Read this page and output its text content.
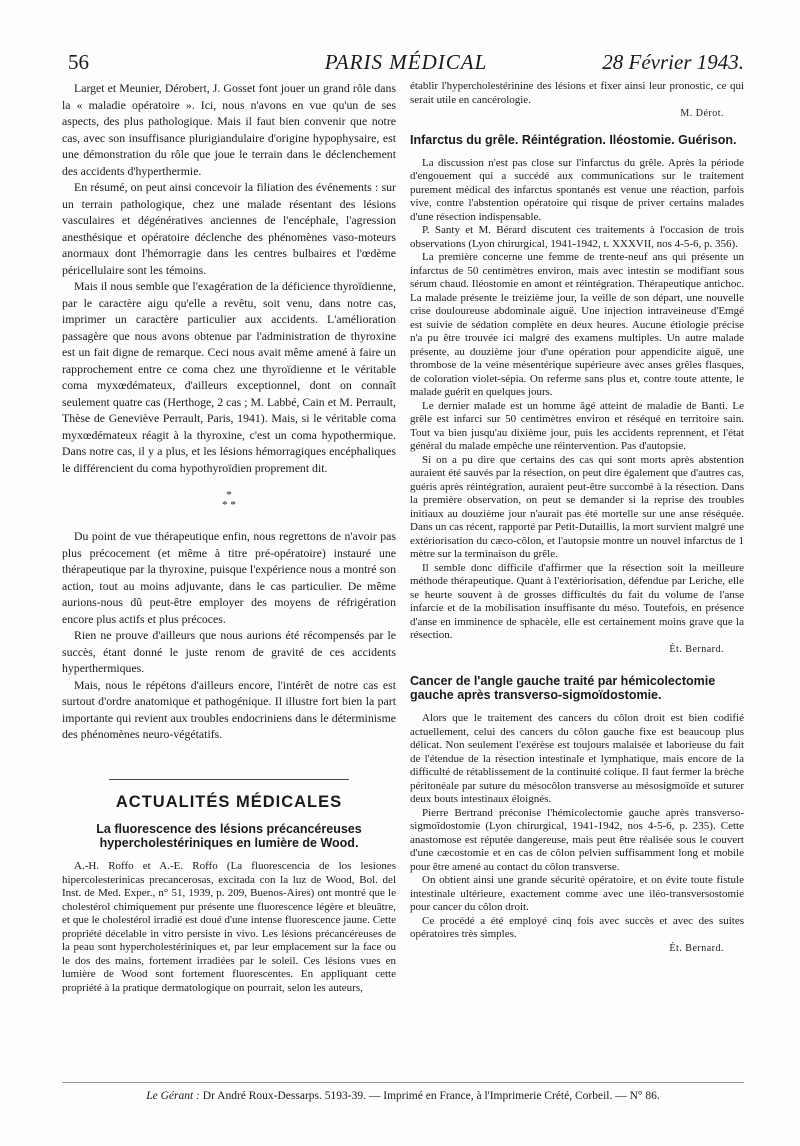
56	PARIS MÉDICAL	28 Février 1943.

Larget et Meunier, Dérobert, J. Gosset font jouer un grand rôle dans la « maladie opératoire ». Ici, nous n'avons en vue qu'un de ses aspects, des plus pathologique. Mais il faut bien convenir que notre cas, avec son insuffisance plurigiandulaire d'origine hypophysaire, est une démonstration du rôle que joue le terrain dans le déclenchement des accidents d'hyperthermie.

En résumé, on peut ainsi concevoir la filiation des événements : sur un terrain pathologique, chez une malade résentant des lésions vasculaires et dégénératives anciennes de l'encéphale, l'agression anesthésique et opératoire déclenche des phénomènes vaso-moteurs anormaux dont l'hémorragie dans les centres bulbaires et l'œdème péricellulaire sont les témoins.

Mais il nous semble que l'exagération de la déficience thyroïdienne, par le caractère aigu qu'elle a revêtu, soit venu, dans notre cas, imprimer un caractère particulier aux accidents. L'amélioration passagère que nous avons obtenue par l'administration de thyroxine est un fait digne de remarque. Ceci nous avait même amené à faire un rapprochement entre ce coma chez une thyroïdienne et le véritable coma myxœdémateux, d'ailleurs exceptionnel, dont on connaît seulement quatre cas (Herthoge, 2 cas ; M. Labbé, Cain et M. Perrault, Thèse de Geneviève Perrault, Paris, 1941). Mais, si le véritable coma myxœdémateux réagit à la thyroxine, c'est un coma hypothermique. Dans notre cas, il y a plus, et les lésions hémorragiques encéphaliques le différencient du coma hypothyroïdien proprement dit.

*
* *

Du point de vue thérapeutique enfin, nous regrettons de n'avoir pas plus précocement (et même à titre pré-opératoire) instauré une thérapeutique par la thyroxine, puisque l'expérience nous a montré son action, tout au moins adjuvante, dans le cas particulier. De même aurions-nous dû peut-être employer des moyens de réfrigération encore plus actifs et plus précoces.

Rien ne prouve d'ailleurs que nous aurions été récompensés par le succès, étant donné le juste renom de gravité de ces accidents hyperthermiques.

Mais, nous le répétons d'ailleurs encore, l'intérêt de notre cas est surtout d'ordre anatomique et pathogénique. Il illustre fort bien la part importante qui revient aux troubles endocriniens dans le déterminisme des phénomènes neuro-végétatifs.

ACTUALITÉS MÉDICALES
La fluorescence des lésions précancéreuses hypercholestériniques en lumière de Wood.

A.-H. Roffo et A.-E. Roffo (La fluorescencia de los lesiones hipercolesterinicas precancerosas, excitada con la luz de Wood, Bol. del Inst. de Med. Exper., n° 51, 1939, p. 209, Buenos-Aires) ont montré que le cholestérol chimiquement pur présente une fluorescence légère et bleuâtre, et que le cholestérol irradié est doué d'une intense fluorescence jaune. Cette propriété décelable in vitro persiste in vivo. Les lésions précancéreuses de la peau sont hypercholestériniques et, par leur emplacement sur la face ou le dos des mains, fortement irradiées par le soleil. Ces lésions vues en lumière de Wood sont fortement fluorescentes. En appliquant cette propriété à la pratique dermatologique on pourrait, selon les auteurs,

établir l'hypercholestérinine des lésions et fixer ainsi leur pronostic, ce qui serait utile en cancérologie.

M. Dérot.
Infarctus du grêle. Réintégration. Iléostomie. Guérison.

La discussion n'est pas close sur l'infarctus du grêle. Après la période d'engouement qui a succédé aux communications sur le traitement purement médical des infarctus spontanés est venue une réaction, parfois vive, contre l'abstention opératoire qui risque de priver certains malades d'une résection indispensable.

P. Santy et M. Bérard discutent ces traitements à l'occasion de trois observations (Lyon chirurgical, 1941-1942, t. XXXVII, nos 4-5-6, p. 356).

La première concerne une femme de trente-neuf ans qui présente un infarctus de 50 centimètres environ, mais avec intestin se modifiant sous sérum chaud. Iléostomie en amont et réintégration. Thérapeutique antichoc. La malade présente le treizième jour, la veille de son départ, une nouvelle crise douloureuse abdominale aiguë. Une injection intraveineuse d'Emgé est suivie de sédation complète en deux heures. Aucune étiologie précise n'a pu être trouvée ici malgré des examens multiples. Un autre malade présente, au douzième jour d'une opération pour appendicite aiguë, une thrombose de la veine mésentérique supérieure avec anses grêles flasques, de coloration violet-sépia. On referme sans plus et, contre toute attente, le malade guérit en quelques jours.

Le dernier malade est un homme âgé atteint de maladie de Banti. Le grêle est infarci sur 50 centimètres environ et réséqué en territoire sain. Tout va bien jusqu'au dixième jour, puis les accidents reprennent, et l'état général du malade empêche une réintervention. Pas d'autopsie.

Si on a pu dire que certains des cas qui sont morts après abstention auraient été sauvés par la résection, on peut dire également que d'autres cas, guéris après réintégration, auraient peut-être succombé à la résection. Dans la première observation, on peut se demander si la reprise des troubles initiaux au douzième jour n'aurait pas été mortelle sur une anse réséquée. Dans un cas récent, rapporté par Petit-Dutaillis, la mort survient malgré une extériorisation du cæco-côlon, et l'autopsie montre un nouvel infarctus de 1 mètre sur la terminaison du grêle.

Il semble donc difficile d'affirmer que la résection soit la meilleure méthode thérapeutique. Quant à l'extériorisation, défendue par Leriche, elle se heurte souvent à de grosses difficultés du fait du volume de l'anse infarcie et de la mobilisation insuffisante du méso. Toutefois, en présence d'anse en imminence de sphacèle, elle est certainement moins grave que la résection.

Ét. Bernard.
Cancer de l'angle gauche traité par hémicolectomie gauche après transverso-sigmoïdostomie.

Alors que le traitement des cancers du côlon droit est bien codifié actuellement, celui des cancers du côlon gauche fixe est beaucoup plus délicat. Non seulement l'exérèse est toujours malaisée et laborieuse du fait de l'étendue de la résection intestinale et lymphatique, mais encore de la difficulté de rétablissement de la continuité colique. Il faut fermer la brèche péritonéale par suture du mésocôlon transverse au mésosigmoïde et suturer deux bouts intestinaux éloignés.

Pierre Bertrand préconise l'hémicolectomie gauche après transverso-sigmoïdostomie (Lyon chirurgical, 1941-1942, nos 4-5-6, p. 235). Cette anastomose est réputée dangereuse, mais peut être réalisée sous le couvert d'une cæcostomie et en cas de côlon pelvien suffisamment long et mobile pour être amené au contact du côlon transverse.

On obtient ainsi une grande sécurité opératoire, et on évite toute fistule intestinale ultérieure, exactement comme avec une iléo-transversostomie pour cancer du côlon droit.

Ce procédé a été employé cinq fois avec succès et avec des suites opératoires très simples.

Ét. Bernard.
Le Gérant : Dr André Roux-Dessarps. 5193-39. — Imprimé en France, à l'Imprimerie Crété, Corbeil. — N° 86.
